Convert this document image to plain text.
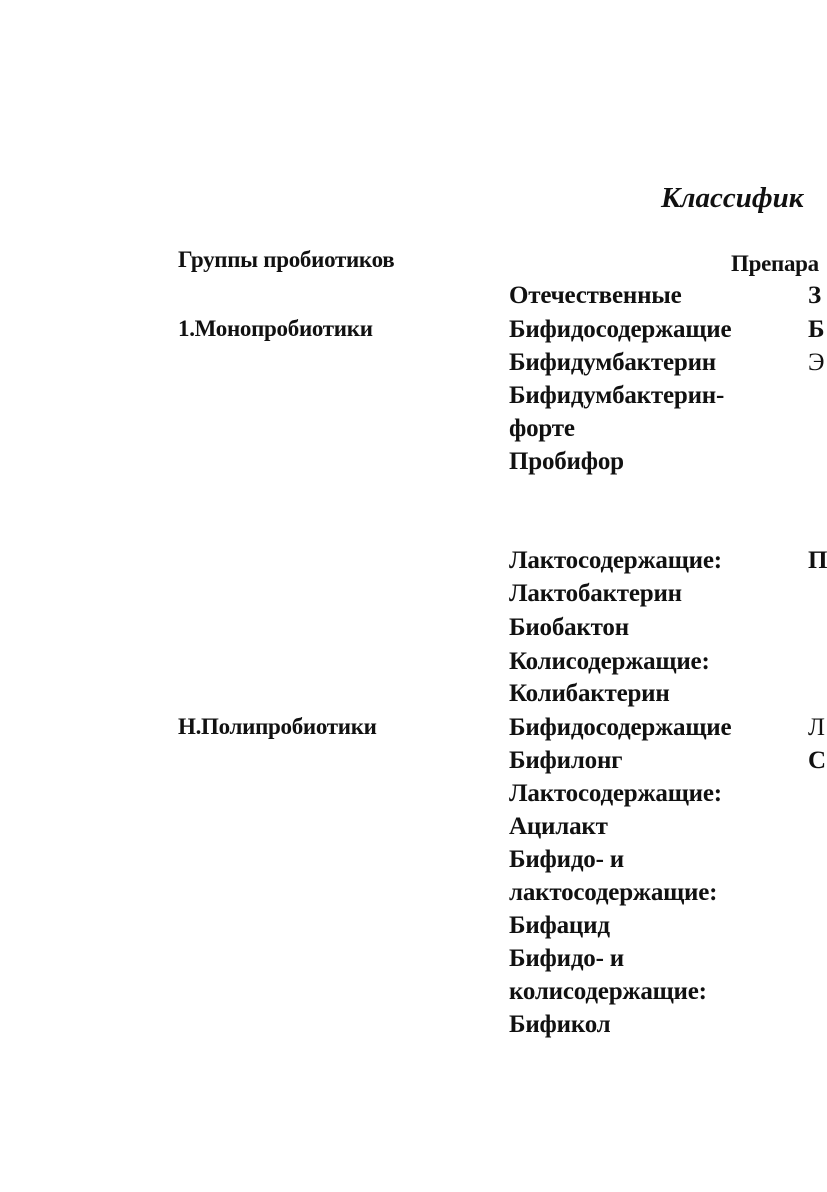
Классифик
Группы пробиотиков	Препара
Отечественные
1.Монопробиотики
Н.Полипробиотики
Бифидосодержащие
Бифидумбактерин
Бифидумбактерин-
форте
Пробифор
Лактосодержащие:
Лактобактерин
Биобактон
Колисодержащие:
Колибактерин
Бифидосодержащие
Бифилонг
Лактосодержащие:
Ацилакт
Бифидо- и
лактосодержащие:
Бифацид
Бифидо- и
колисодержащие:
Бификол
З
Б
Э
П
Л
С
